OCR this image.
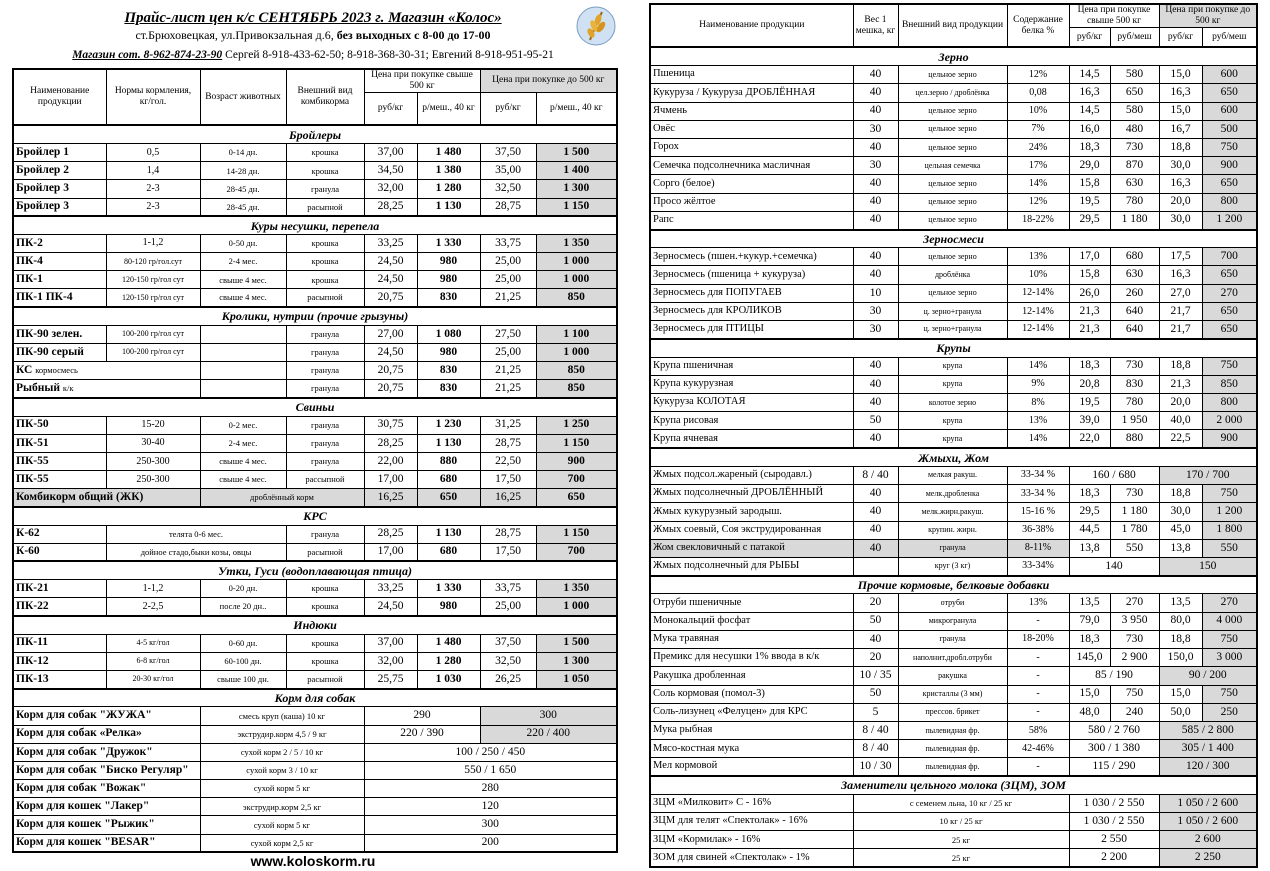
Прайс-лист цен к/с СЕНТЯБРЬ 2023 г. Магазин «Колос»
ст.Брюховецкая, ул.Привокзальная д.6, без выходных с 8-00 до 17-00
Магазин сот. 8-962-874-23-90 Сергей 8-918-433-62-50; 8-918-368-30-31; Евгений 8-918-951-95-21
Наименование продукции	Нормы кормления, кг/гол.	Возраст животных	Внешний вид комбикорма	Цена при покупке свыше 500 кг		Цена при покупке до 500 кг	
				руб/кг	р/меш., 40 кг	руб/кг	р/меш., 40 кг
Бройлеры							
Бройлер 1	0,5	0-14 дн.	крошка	37,00	1 480	37,50	1 500
Бройлер 2	1,4	14-28 дн.	крошка	34,50	1 380	35,00	1 400
Бройлер 3	2-3	28-45 дн.	гранула	32,00	1 280	32,50	1 300
Бройлер 3	2-3	28-45 дн.	расыпной	28,25	1 130	28,75	1 150
Куры несушки, перепела							
ПК-2	1-1,2	0-50 дн.	крошка	33,25	1 330	33,75	1 350
ПК-4	80-120 гр/гол.сут	2-4 мес.	крошка	24,50	980	25,00	1 000
ПК-1	120-150 гр/гол сут	свыше 4 мес.	крошка	24,50	980	25,00	1 000
ПК-1 ПК-4	120-150 гр/гол сут	свыше 4 мес.	расыпной	20,75	830	21,25	850
Кролики, нутрии (прочие грызуны)							
ПК-90 зелен.	100-200 гр/гол сут		гранула	27,00	1 080	27,50	1 100
ПК-90 серый	100-200 гр/гол сут		гранула	24,50	980	25,00	1 000
КС кормосмесь			гранула	20,75	830	21,25	850
Рыбный к/к			гранула	20,75	830	21,25	850
Свиньи							
ПК-50	15-20	0-2 мес.	гранула	30,75	1 230	31,25	1 250
ПК-51	30-40	2-4 мес.	гранула	28,25	1 130	28,75	1 150
ПК-55	250-300	свыше 4 мес.	гранула	22,00	880	22,50	900
ПК-55	250-300	свыше 4 мес.	рассыпной	17,00	680	17,50	700
Комбикорм общий (ЖК)		дроблённый корм		16,25	650	16,25	650
КРС							
К-62	телята 0-6 мес.		гранула	28,25	1 130	28,75	1 150
К-60	дойное стадо,быки козы, овцы		расыпной	17,00	680	17,50	700
Утки, Гуси (водоплавающая птица)							
ПК-21	1-1,2	0-20 дн.	крошка	33,25	1 330	33,75	1 350
ПК-22	2-2,5	после 20 дн..	крошка	24,50	980	25,00	1 000
Индюки							
ПК-11	4-5 кг/гол	0-60 дн.	крошка	37,00	1 480	37,50	1 500
ПК-12	6-8 кг/гол	60-100 дн.	крошка	32,00	1 280	32,50	1 300
ПК-13	20-30 кг/гол	свыше 100 дн.	расыпной	25,75	1 030	26,25	1 050
Корм для собак							
Корм для собак "ЖУЖА"		смесь круп (каша) 10 кг		290		300	
Корм для собак «Релка»		экструдир.корм 4,5 / 9 кг		220 / 390		220 / 400	
Корм для собак "Дружок"		сухой корм 2 / 5 / 10 кг		100 / 250 / 450			
Корм для собак "Биско Регуляр"		сухой корм 3 / 10 кг		550 / 1 650			
Корм для собак "Вожак"		сухой корм 5 кг		280			
Корм для кошек "Лакер"		экструдир.корм 2,5 кг		120			
Корм для кошек "Рыжик"		сухой корм 5 кг		300			
Корм для кошек "BESAR"		сухой корм 2,5 кг		200			
Наименование продукции	Вес 1 мешка, кг	Внешний вид продукции	Содержание белка %	Цена при покупке свыше 500 кг		Цена при покупке до 500 кг	
				руб/кг	руб/меш	руб/кг	руб/меш
Зерно							
Пшеница	40	цельное зерно	12%	14,5	580	15,0	600
Кукуруза / Кукуруза ДРОБЛЁННАЯ	40	цел.зерно / дроблёнка	0,08	16,3	650	16,3	650
Ячмень	40	цельное зерно	10%	14,5	580	15,0	600
Овёс	30	цельное зерно	7%	16,0	480	16,7	500
Горох	40	цельное зерно	24%	18,3	730	18,8	750
Семечка подсолнечника масличная	30	цельная семечка	17%	29,0	870	30,0	900
Сорго (белое)	40	цельное зерно	14%	15,8	630	16,3	650
Просо жёлтое	40	цельное зерно	12%	19,5	780	20,0	800
Рапс	40	цельное зерно	18-22%	29,5	1 180	30,0	1 200
Зерносмеси							
Зерносмесь (пшен.+кукур.+семечка)	40	цельное зерно	13%	17,0	680	17,5	700
Зерносмесь (пшеница + кукуруза)	40	дроблёнка	10%	15,8	630	16,3	650
Зерносмесь для ПОПУГАЕВ	10	цельное зерно	12-14%	26,0	260	27,0	270
Зерносмесь для КРОЛИКОВ	30	ц. зерно+гранула	12-14%	21,3	640	21,7	650
Зерносмесь для ПТИЦЫ	30	ц. зерно+гранула	12-14%	21,3	640	21,7	650
Крупы							
Крупа пшеничная	40	крупа	14%	18,3	730	18,8	750
Крупа кукурузная	40	крупа	9%	20,8	830	21,3	850
Кукуруза КОЛОТАЯ	40	колотое зерно	8%	19,5	780	20,0	800
Крупа рисовая	50	крупа	13%	39,0	1 950	40,0	2 000
Крупа ячневая	40	крупа	14%	22,0	880	22,5	900
Жмыхи, Жом							
Жмых подсол.жареный (сыродавл.)	8 / 40	мелкая ракуш.	33-34 %	160 / 680		170 / 700	
Жмых подсолнечный ДРОБЛЁННЫЙ	40	мелк.дробленка	33-34 %	18,3	730	18,8	750
Жмых кукурузный зародыш.	40	мелк.жирн.ракуш.	15-16 %	29,5	1 180	30,0	1 200
Жмых соевый, Соя экструдированная	40	крупин. жирн.	36-38%	44,5	1 780	45,0	1 800
Жом свекловичный с патакой	40	гранула	8-11%	13,8	550	13,8	550
Жмых подсолнечный для РЫБЫ		круг (3 кг)	33-34%	140		150	
Прочие кормовые, белковые добавки							
Отруби пшеничные	20	отруби	13%	13,5	270	13,5	270
Монокальций фосфат	50	микрогранула	-	79,0	3 950	80,0	4 000
Мука травяная	40	гранула	18-20%	18,3	730	18,8	750
Премикс для несушки 1% ввода в к/к	20	наполнит.дробл.отруби	-	145,0	2 900	150,0	3 000
Ракушка дробленная	10 / 35	ракушка	-	85 / 190		90 / 200	
Соль кормовая (помол-3)	50	кристаллы (3 мм)	-	15,0	750	15,0	750
Соль-лизунец «Фелуцен» для КРС	5	прессов. брикет	-	48,0	240	50,0	250
Мука рыбная	8 / 40	пылевидная фр.	58%	580 / 2 760		585 / 2 800	
Мясо-костная мука	8 / 40	пылевидная фр.	42-46%	300 / 1 380		305 / 1 400	
Мел кормовой	10 / 30	пылевидная фр.	-	115 / 290		120 / 300	
Заменители цельного молока (ЗЦМ), ЗОМ							
ЗЦМ «Милковит» С - 16%	с семенем льна, 10 кг / 25 кг			1 030 / 2 550		1 050 / 2 600	
ЗЦМ для телят «Спектолак» - 16%	10 кг / 25 кг			1 030 / 2 550		1 050 / 2 600	
ЗЦМ «Кормилак» - 16%	25 кг			2 550		2 600	
ЗОМ для свиней «Спектолак» - 1%	25 кг			2 200		2 250	
www.koloskorm.ru
